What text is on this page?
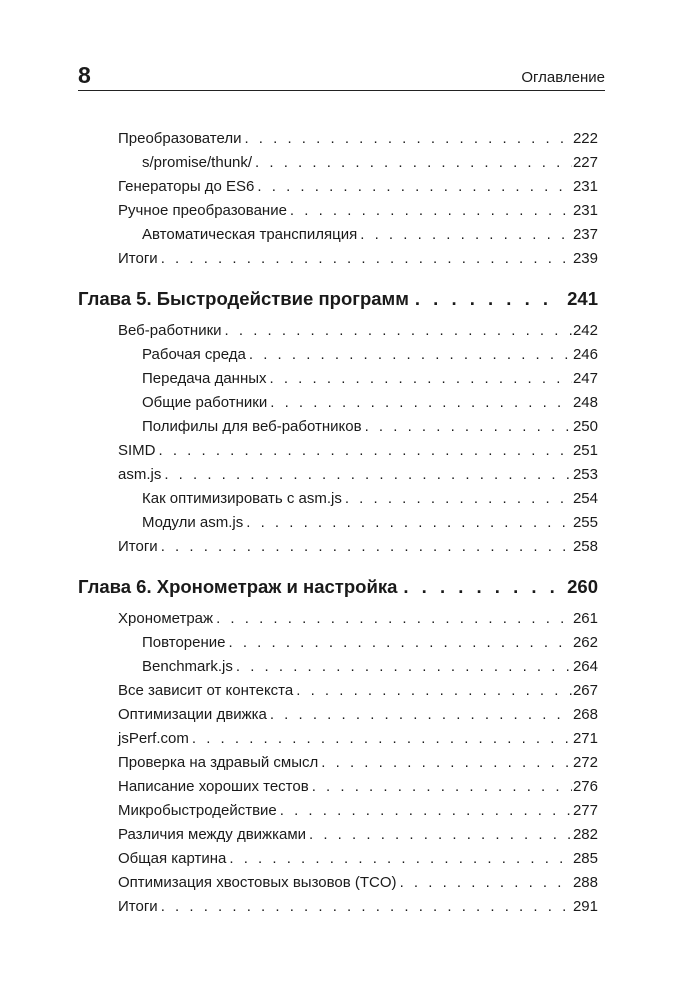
8	Оглавление
Преобразователи . . .	222
s/promise/thunk/ . . .	227
Генераторы до ES6 . . .	231
Ручное преобразование . . .	231
Автоматическая транспиляция . . .	237
Итоги . . .	239
Глава 5. Быстродействие программ . . .	241
Веб-работники . . .	242
Рабочая среда . . .	246
Передача данных . . .	247
Общие работники . . .	248
Полифилы для веб-работников . . .	250
SIMD . . .	251
asm.js . . .	253
Как оптимизировать с asm.js . . .	254
Модули asm.js . . .	255
Итоги . . .	258
Глава 6. Хронометраж и настройка . . .	260
Хронометраж . . .	261
Повторение . . .	262
Benchmark.js . . .	264
Все зависит от контекста . . .	267
Оптимизации движка . . .	268
jsPerf.com . . .	271
Проверка на здравый смысл . . .	272
Написание хороших тестов . . .	276
Микробыстродействие . . .	277
Различия между движками . . .	282
Общая картина . . .	285
Оптимизация хвостовых вызовов (TCO) . . .	288
Итоги . . .	291
